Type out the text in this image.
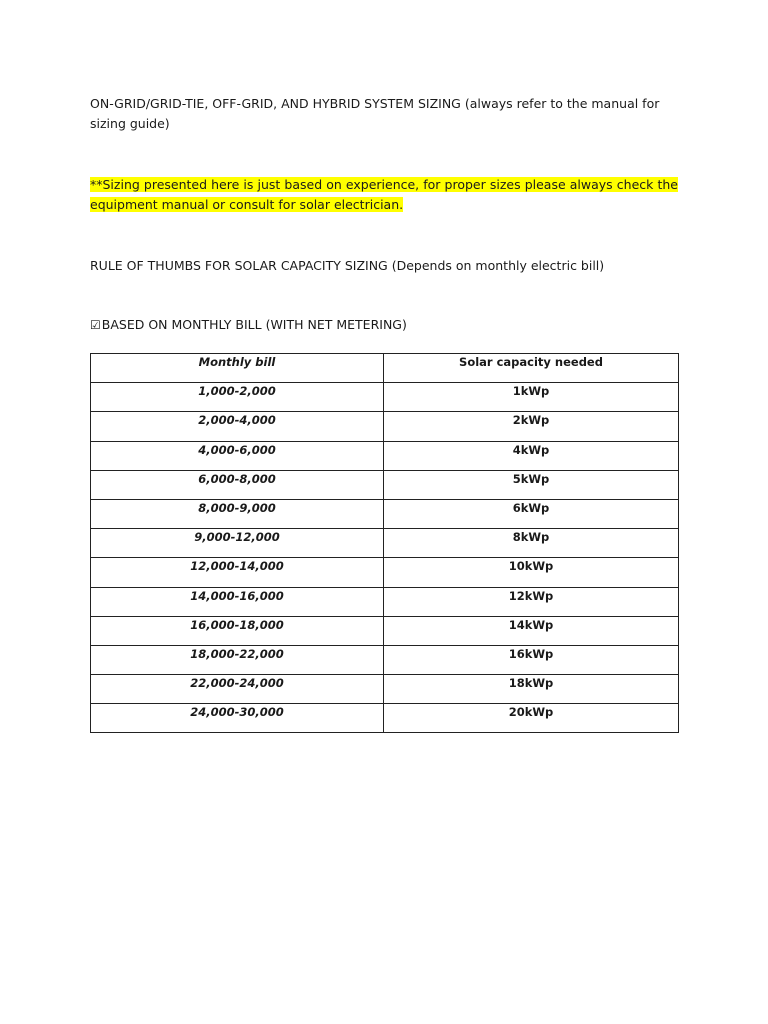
ON-GRID/GRID-TIE, OFF-GRID, AND HYBRID SYSTEM SIZING (always refer to the manual for sizing guide)

**Sizing presented here is just based on experience, for proper sizes please always check the equipment manual or consult for solar electrician.

RULE OF THUMBS FOR SOLAR CAPACITY SIZING (Depends on monthly electric bill)

☑BASED ON MONTHLY BILL (WITH NET METERING)

Monthly bill	Solar capacity needed
1,000-2,000	1kWp
2,000-4,000	2kWp
4,000-6,000	4kWp
6,000-8,000	5kWp
8,000-9,000	6kWp
9,000-12,000	8kWp
12,000-14,000	10kWp
14,000-16,000	12kWp
16,000-18,000	14kWp
18,000-22,000	16kWp
22,000-24,000	18kWp
24,000-30,000	20kWp
